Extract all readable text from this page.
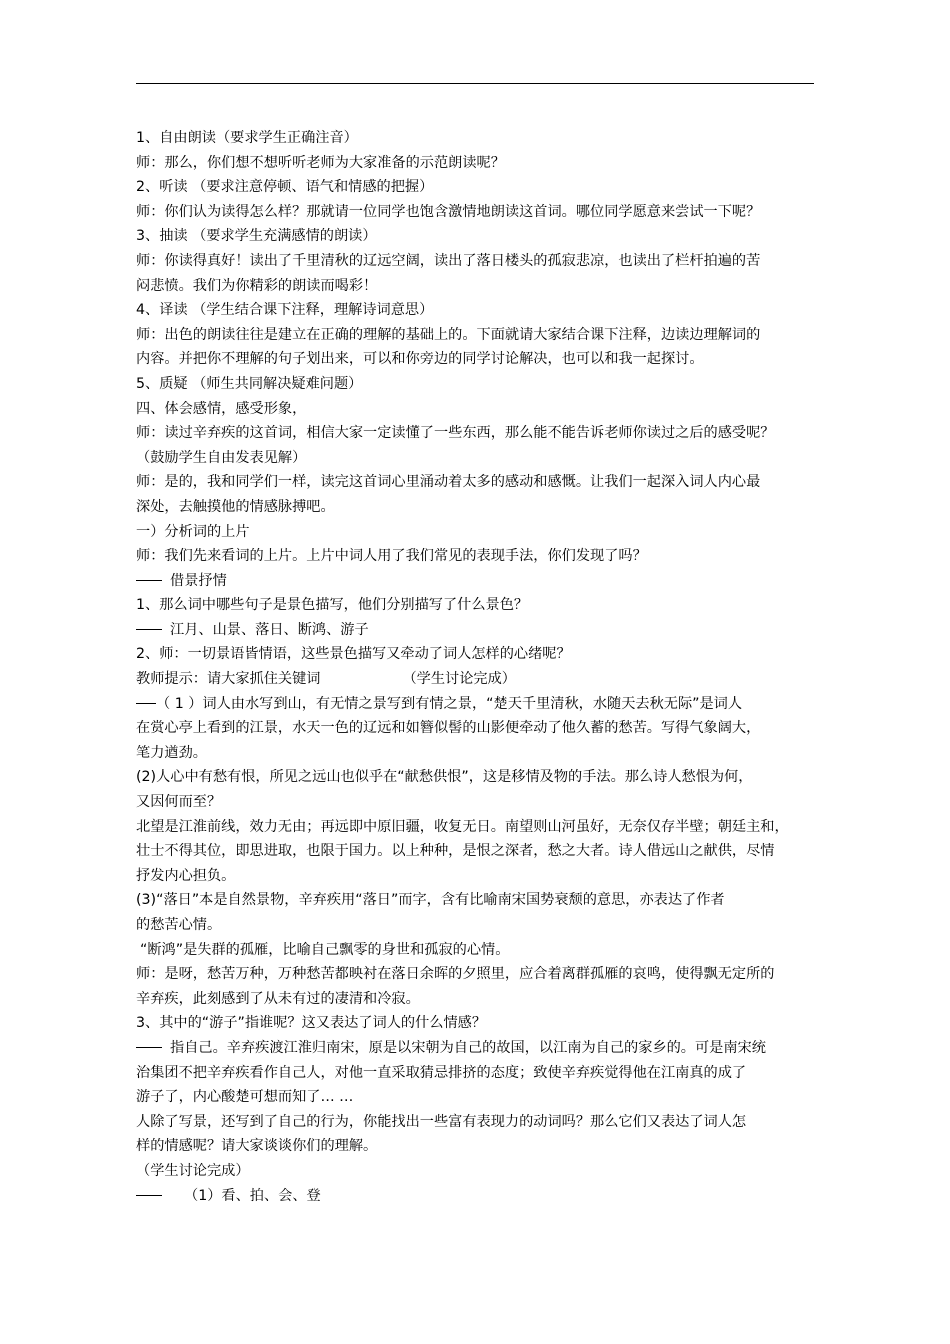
1、自由朗读（要求学生正确注音）
师：那么，你们想不想听听老师为大家准备的示范朗读呢？
2、听读 （要求注意停顿、语气和情感的把握）
师：你们认为读得怎么样？那就请一位同学也饱含激情地朗读这首词。哪位同学愿意来尝试一下呢？
3、抽读 （要求学生充满感情的朗读）
师：你读得真好！读出了千里清秋的辽远空阔，读出了落日楼头的孤寂悲凉，也读出了栏杆拍遍的苦
闷悲愤。我们为你精彩的朗读而喝彩！
4、译读 （学生结合课下注释，理解诗词意思）
师：出色的朗读往往是建立在正确的理解的基础上的。下面就请大家结合课下注释，边读边理解词的
内容。并把你不理解的句子划出来，可以和你旁边的同学讨论解决，也可以和我一起探讨。
5、质疑 （师生共同解决疑难问题）
四、体会感情，感受形象，
师：读过辛弃疾的这首词，相信大家一定读懂了一些东西，那么能不能告诉老师你读过之后的感受呢？
（鼓励学生自由发表见解）
师：是的，我和同学们一样，读完这首词心里涌动着太多的感动和感慨。让我们一起深入词人内心最
深处，去触摸他的情感脉搏吧。
一）分析词的上片
师：我们先来看词的上片。上片中词人用了我们常见的表现手法，你们发现了吗？
借景抒情
1、那么词中哪些句子是景色描写，他们分别描写了什么景色？
江月、山景、落日、断鸿、游子
2、师：一切景语皆情语，这些景色描写又牵动了词人怎样的心绪呢？
教师提示：请大家抓住关键词	（学生讨论完成）
（ 1 ）词人由水写到山，有无情之景写到有情之景，“楚天千里清秋，水随天去秋无际”是词人
在赏心亭上看到的江景，水天一色的辽远和如簪似髻的山影便牵动了他久蓄的愁苦。写得气象阔大，
笔力遒劲。
(2)人心中有愁有恨，所见之远山也似乎在“献愁供恨”，这是移情及物的手法。那么诗人愁恨为何，
又因何而至？
北望是江淮前线，效力无由；再远即中原旧疆，收复无日。南望则山河虽好，无奈仅存半壁；朝廷主和，
壮士不得其位，即思进取，也限于国力。以上种种，是恨之深者，愁之大者。诗人借远山之献供，尽情
抒发内心担负。
(3)“落日”本是自然景物，辛弃疾用“落日”而字，含有比喻南宋国势衰颓的意思，亦表达了作者
的愁苦心情。
“断鸿”是失群的孤雁，比喻自己飘零的身世和孤寂的心情。
师：是呀，愁苦万种，万种愁苦都映衬在落日余晖的夕照里，应合着离群孤雁的哀鸣，使得飘无定所的
辛弃疾，此刻感到了从未有过的凄清和冷寂。
3、其中的“游子”指谁呢？这又表达了词人的什么情感？
指自己。辛弃疾渡江淮归南宋，原是以宋朝为自己的故国，以江南为自己的家乡的。可是南宋统
治集团不把辛弃疾看作自己人，对他一直采取猜忌排挤的态度；致使辛弃疾觉得他在江南真的成了
游子了，内心酸楚可想而知了… …
人除了写景，还写到了自己的行为，你能找出一些富有表现力的动词吗？那么它们又表达了词人怎
样的情感呢？请大家谈谈你们的理解。
（学生讨论完成）
（1）看、拍、会、登
